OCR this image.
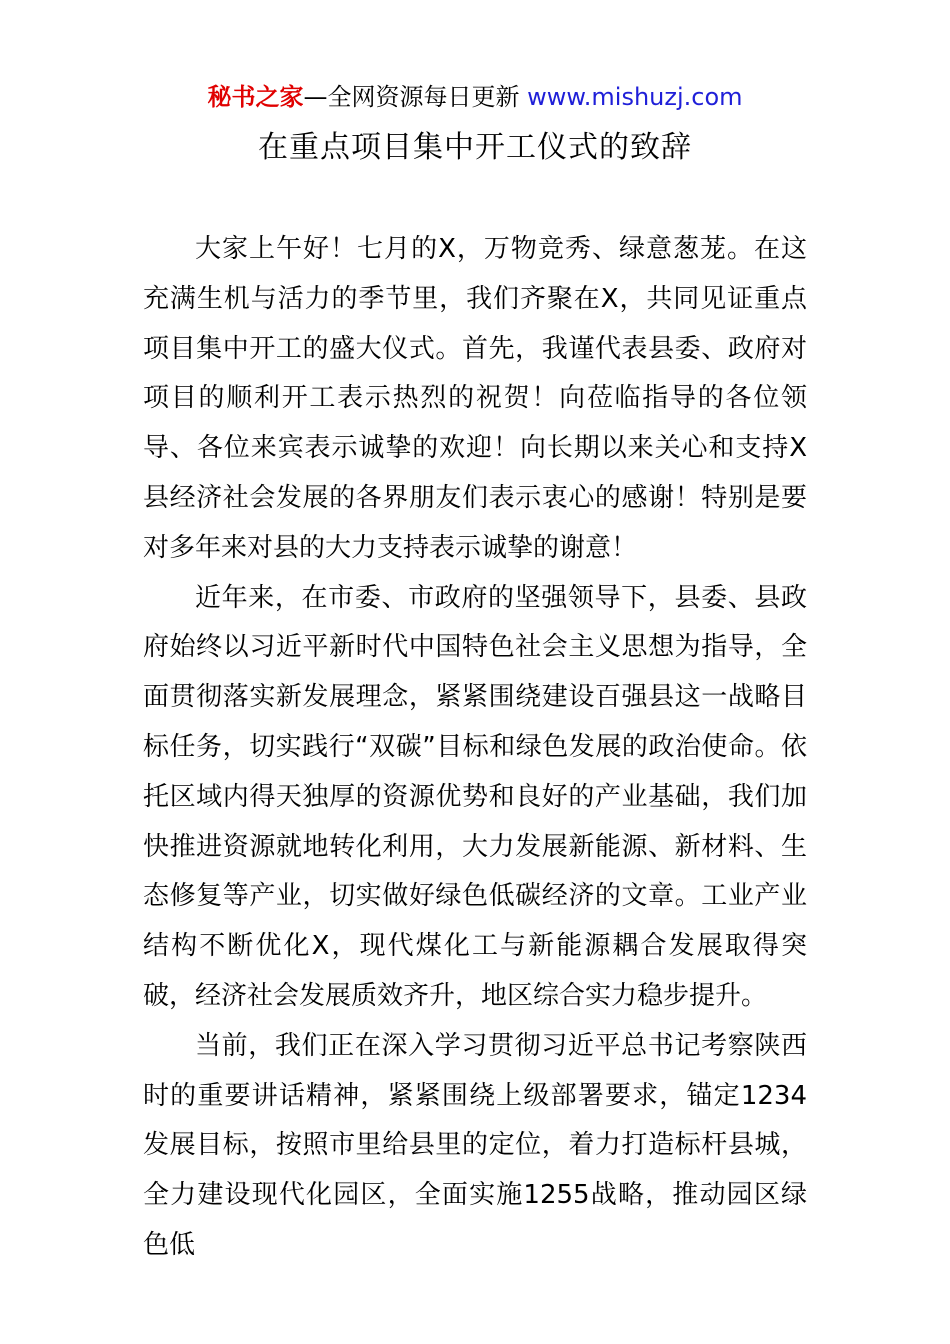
秘书之家—全网资源每日更新 www.mishuzj.com
在重点项目集中开工仪式的致辞

大家上午好！七月的X，万物竞秀、绿意葱茏。在这充满生机与活力的季节里，我们齐聚在X，共同见证重点项目集中开工的盛大仪式。首先，我谨代表县委、政府对项目的顺利开工表示热烈的祝贺！向莅临指导的各位领导、各位来宾表示诚挚的欢迎！向长期以来关心和支持X县经济社会发展的各界朋友们表示衷心的感谢！特别是要对多年来对县的大力支持表示诚挚的谢意！

近年来，在市委、市政府的坚强领导下，县委、县政府始终以习近平新时代中国特色社会主义思想为指导，全面贯彻落实新发展理念，紧紧围绕建设百强县这一战略目标任务，切实践行“双碳”目标和绿色发展的政治使命。依托区域内得天独厚的资源优势和良好的产业基础，我们加快推进资源就地转化利用，大力发展新能源、新材料、生态修复等产业，切实做好绿色低碳经济的文章。工业产业结构不断优化X，现代煤化工与新能源耦合发展取得突破，经济社会发展质效齐升，地区综合实力稳步提升。

当前，我们正在深入学习贯彻习近平总书记考察陕西时的重要讲话精神，紧紧围绕上级部署要求，锚定1234发展目标，按照市里给县里的定位，着力打造标杆县城，全力建设现代化园区，全面实施1255战略，推动园区绿色低
